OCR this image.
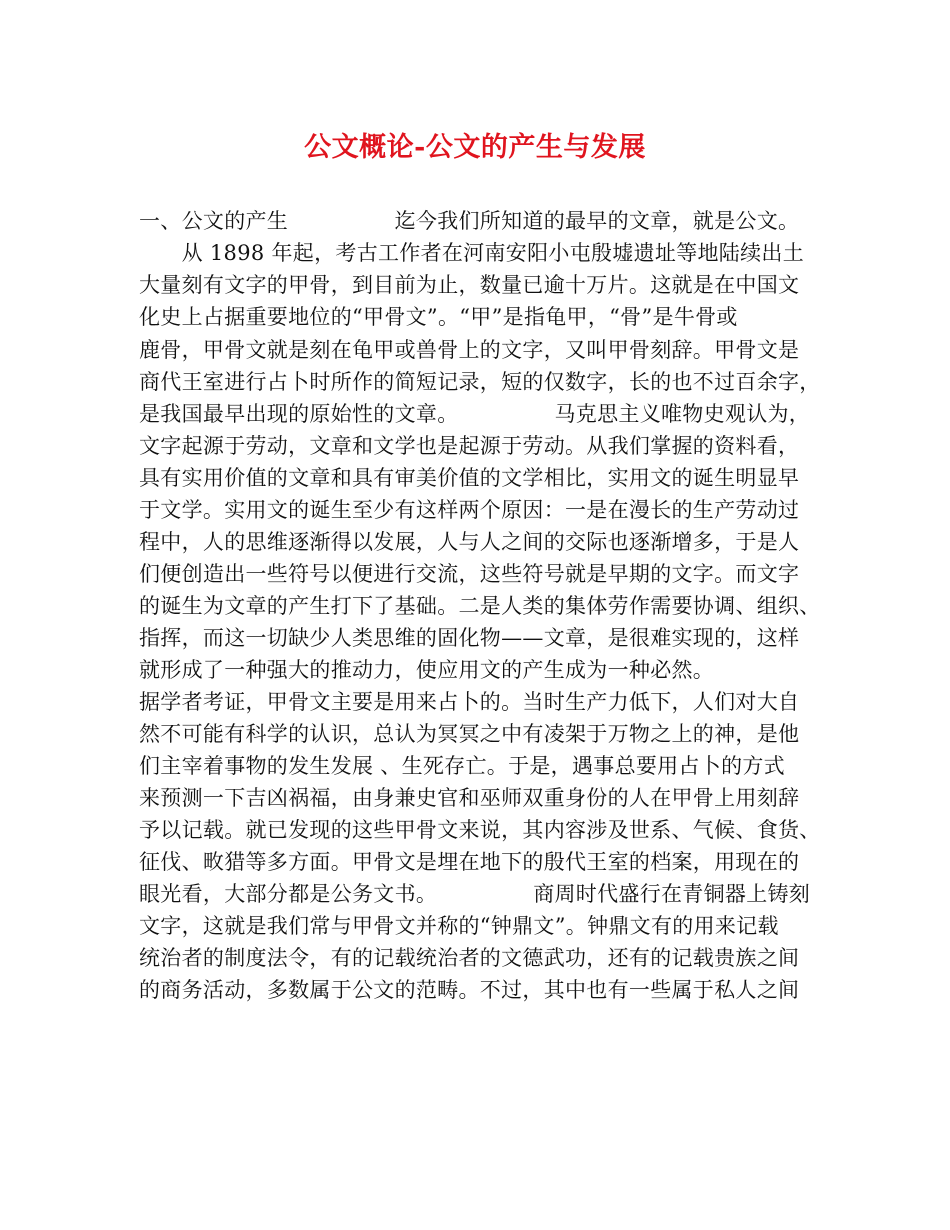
公文概论-公文的产生与发展
一、公文的产生　　　　　迄今我们所知道的最早的文章，就是公文。
　　从 1898 年起，考古工作者在河南安阳小屯殷墟遗址等地陆续出土
大量刻有文字的甲骨，到目前为止，数量已逾十万片。这就是在中国文
化史上占据重要地位的“甲骨文”。“甲”是指龟甲，“骨”是牛骨或
鹿骨，甲骨文就是刻在龟甲或兽骨上的文字，又叫甲骨刻辞。甲骨文是
商代王室进行占卜时所作的简短记录，短的仅数字，长的也不过百余字，
是我国最早出现的原始性的文章。　　　　　马克思主义唯物史观认为，
文字起源于劳动，文章和文学也是起源于劳动。从我们掌握的资料看，
具有实用价值的文章和具有审美价值的文学相比，实用文的诞生明显早
于文学。实用文的诞生至少有这样两个原因：一是在漫长的生产劳动过
程中，人的思维逐渐得以发展，人与人之间的交际也逐渐增多，于是人
们便创造出一些符号以便进行交流，这些符号就是早期的文字。而文字
的诞生为文章的产生打下了基础。二是人类的集体劳作需要协调、组织、
指挥，而这一切缺少人类思维的固化物——文章，是很难实现的，这样
就形成了一种强大的推动力，使应用文的产生成为一种必然。
据学者考证，甲骨文主要是用来占卜的。当时生产力低下，人们对大自
然不可能有科学的认识，总认为冥冥之中有凌架于万物之上的神，是他
们主宰着事物的发生发展 、生死存亡。于是，遇事总要用占卜的方式
来预测一下吉凶祸福，由身兼史官和巫师双重身份的人在甲骨上用刻辞
予以记载。就已发现的这些甲骨文来说，其内容涉及世系、气候、食货、
征伐、畋猎等多方面。甲骨文是埋在地下的殷代王室的档案，用现在的
眼光看，大部分都是公务文书。　　　　　商周时代盛行在青铜器上铸刻
文字，这就是我们常与甲骨文并称的“钟鼎文”。钟鼎文有的用来记载
统治者的制度法令，有的记载统治者的文德武功，还有的记载贵族之间
的商务活动，多数属于公文的范畴。不过，其中也有一些属于私人之间
